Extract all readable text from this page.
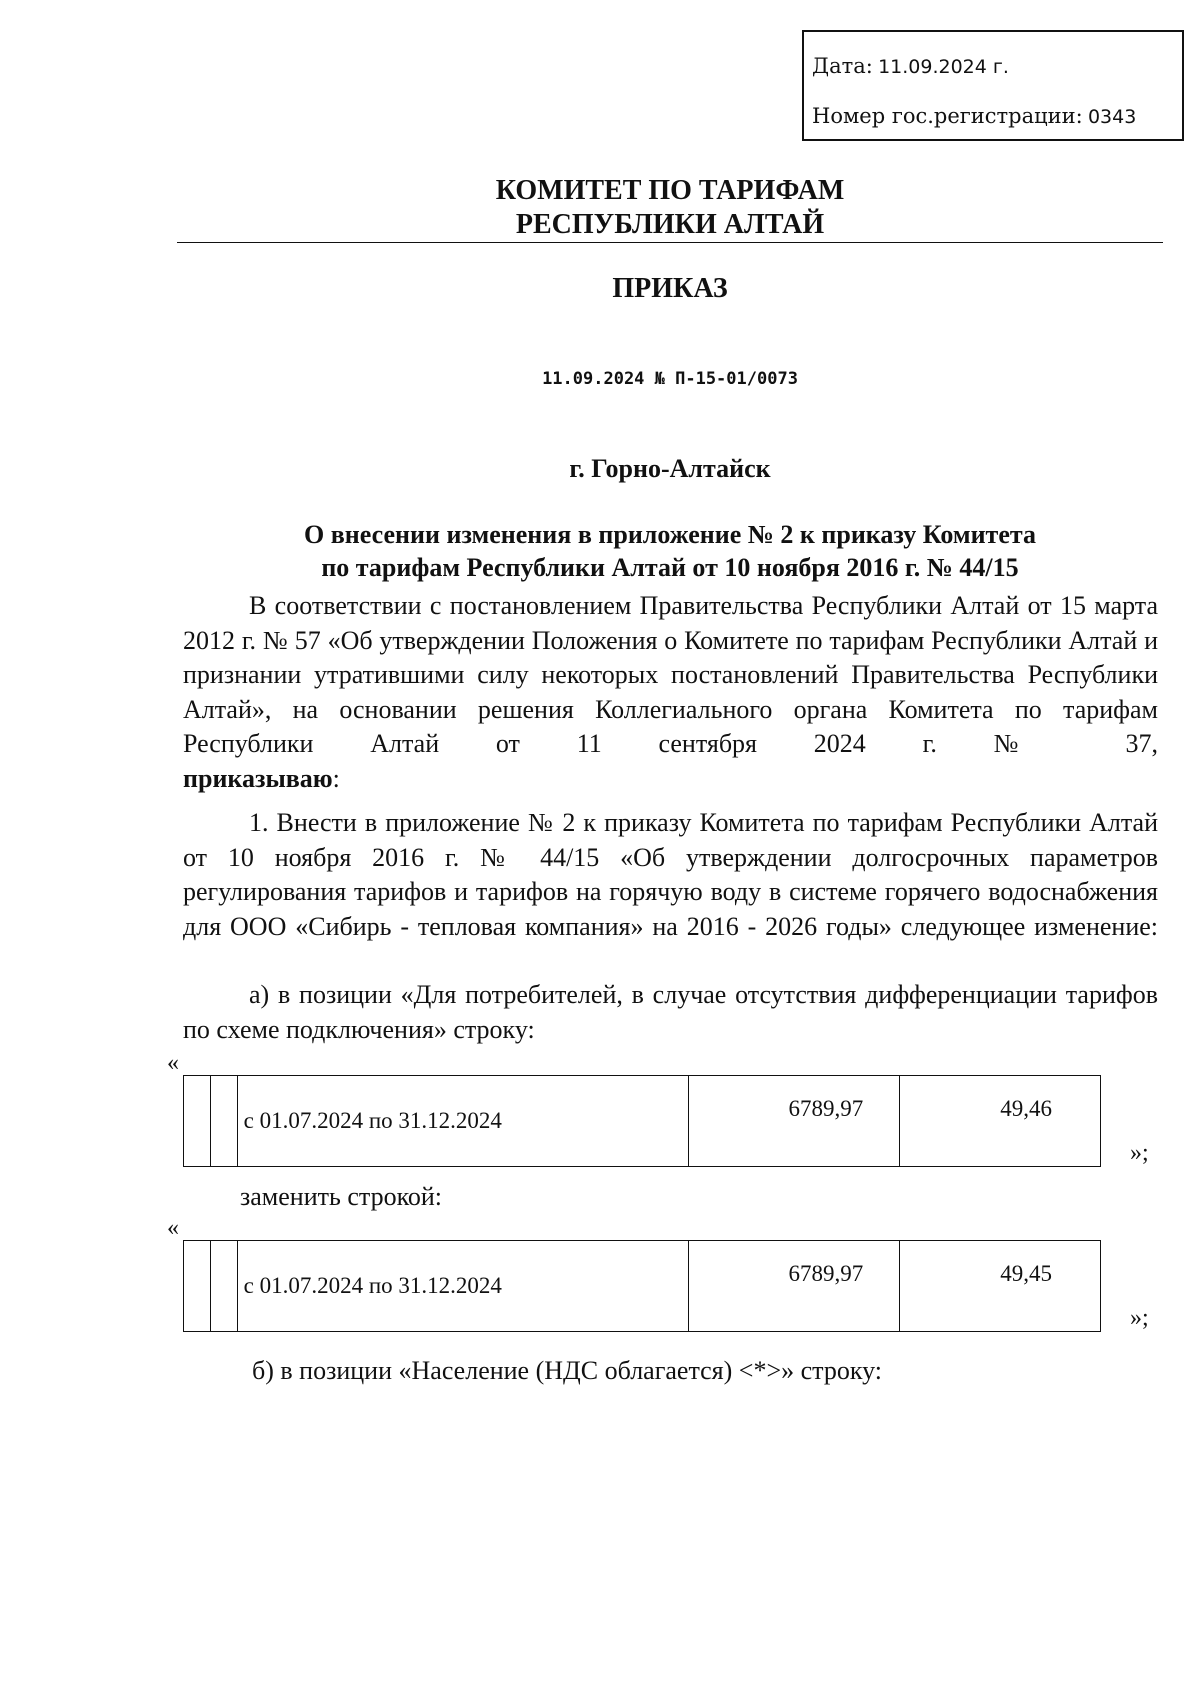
Дата: 11.09.2024 г.
Номер гос.регистрации: 0343
КОМИТЕТ ПО ТАРИФАМ
РЕСПУБЛИКИ АЛТАЙ
ПРИКАЗ
11.09.2024 № П-15-01/0073
г. Горно-Алтайск
О внесении изменения в приложение № 2 к приказу Комитета
по тарифам Республики Алтай от 10 ноября 2016 г. № 44/15
В соответствии с постановлением Правительства Республики Алтай от 15 марта 2012 г. № 57 «Об утверждении Положения о Комитете по тарифам Республики Алтай и признании утратившими силу некоторых постановлений Правительства Республики Алтай», на основании решения Коллегиального органа Комитета по тарифам Республики Алтай от 11 сентября 2024 г. № 37,
приказываю:
1. Внести в приложение № 2 к приказу Комитета по тарифам Республики Алтай от 10 ноября 2016 г. № 44/15 «Об утверждении долгосрочных параметров регулирования тарифов и тарифов на горячую воду в системе горячего водоснабжения для ООО «Сибирь - тепловая компания» на 2016 - 2026 годы» следующее изменение:
а) в позиции «Для потребителей, в случае отсутствия дифференциации тарифов по схеме подключения» строку:
«
		с 01.07.2024 по 31.12.2024	6789,97	49,46
»;
заменить строкой:
«
		с 01.07.2024 по 31.12.2024	6789,97	49,45
»;
б) в позиции «Население (НДС облагается) <*>» строку:
